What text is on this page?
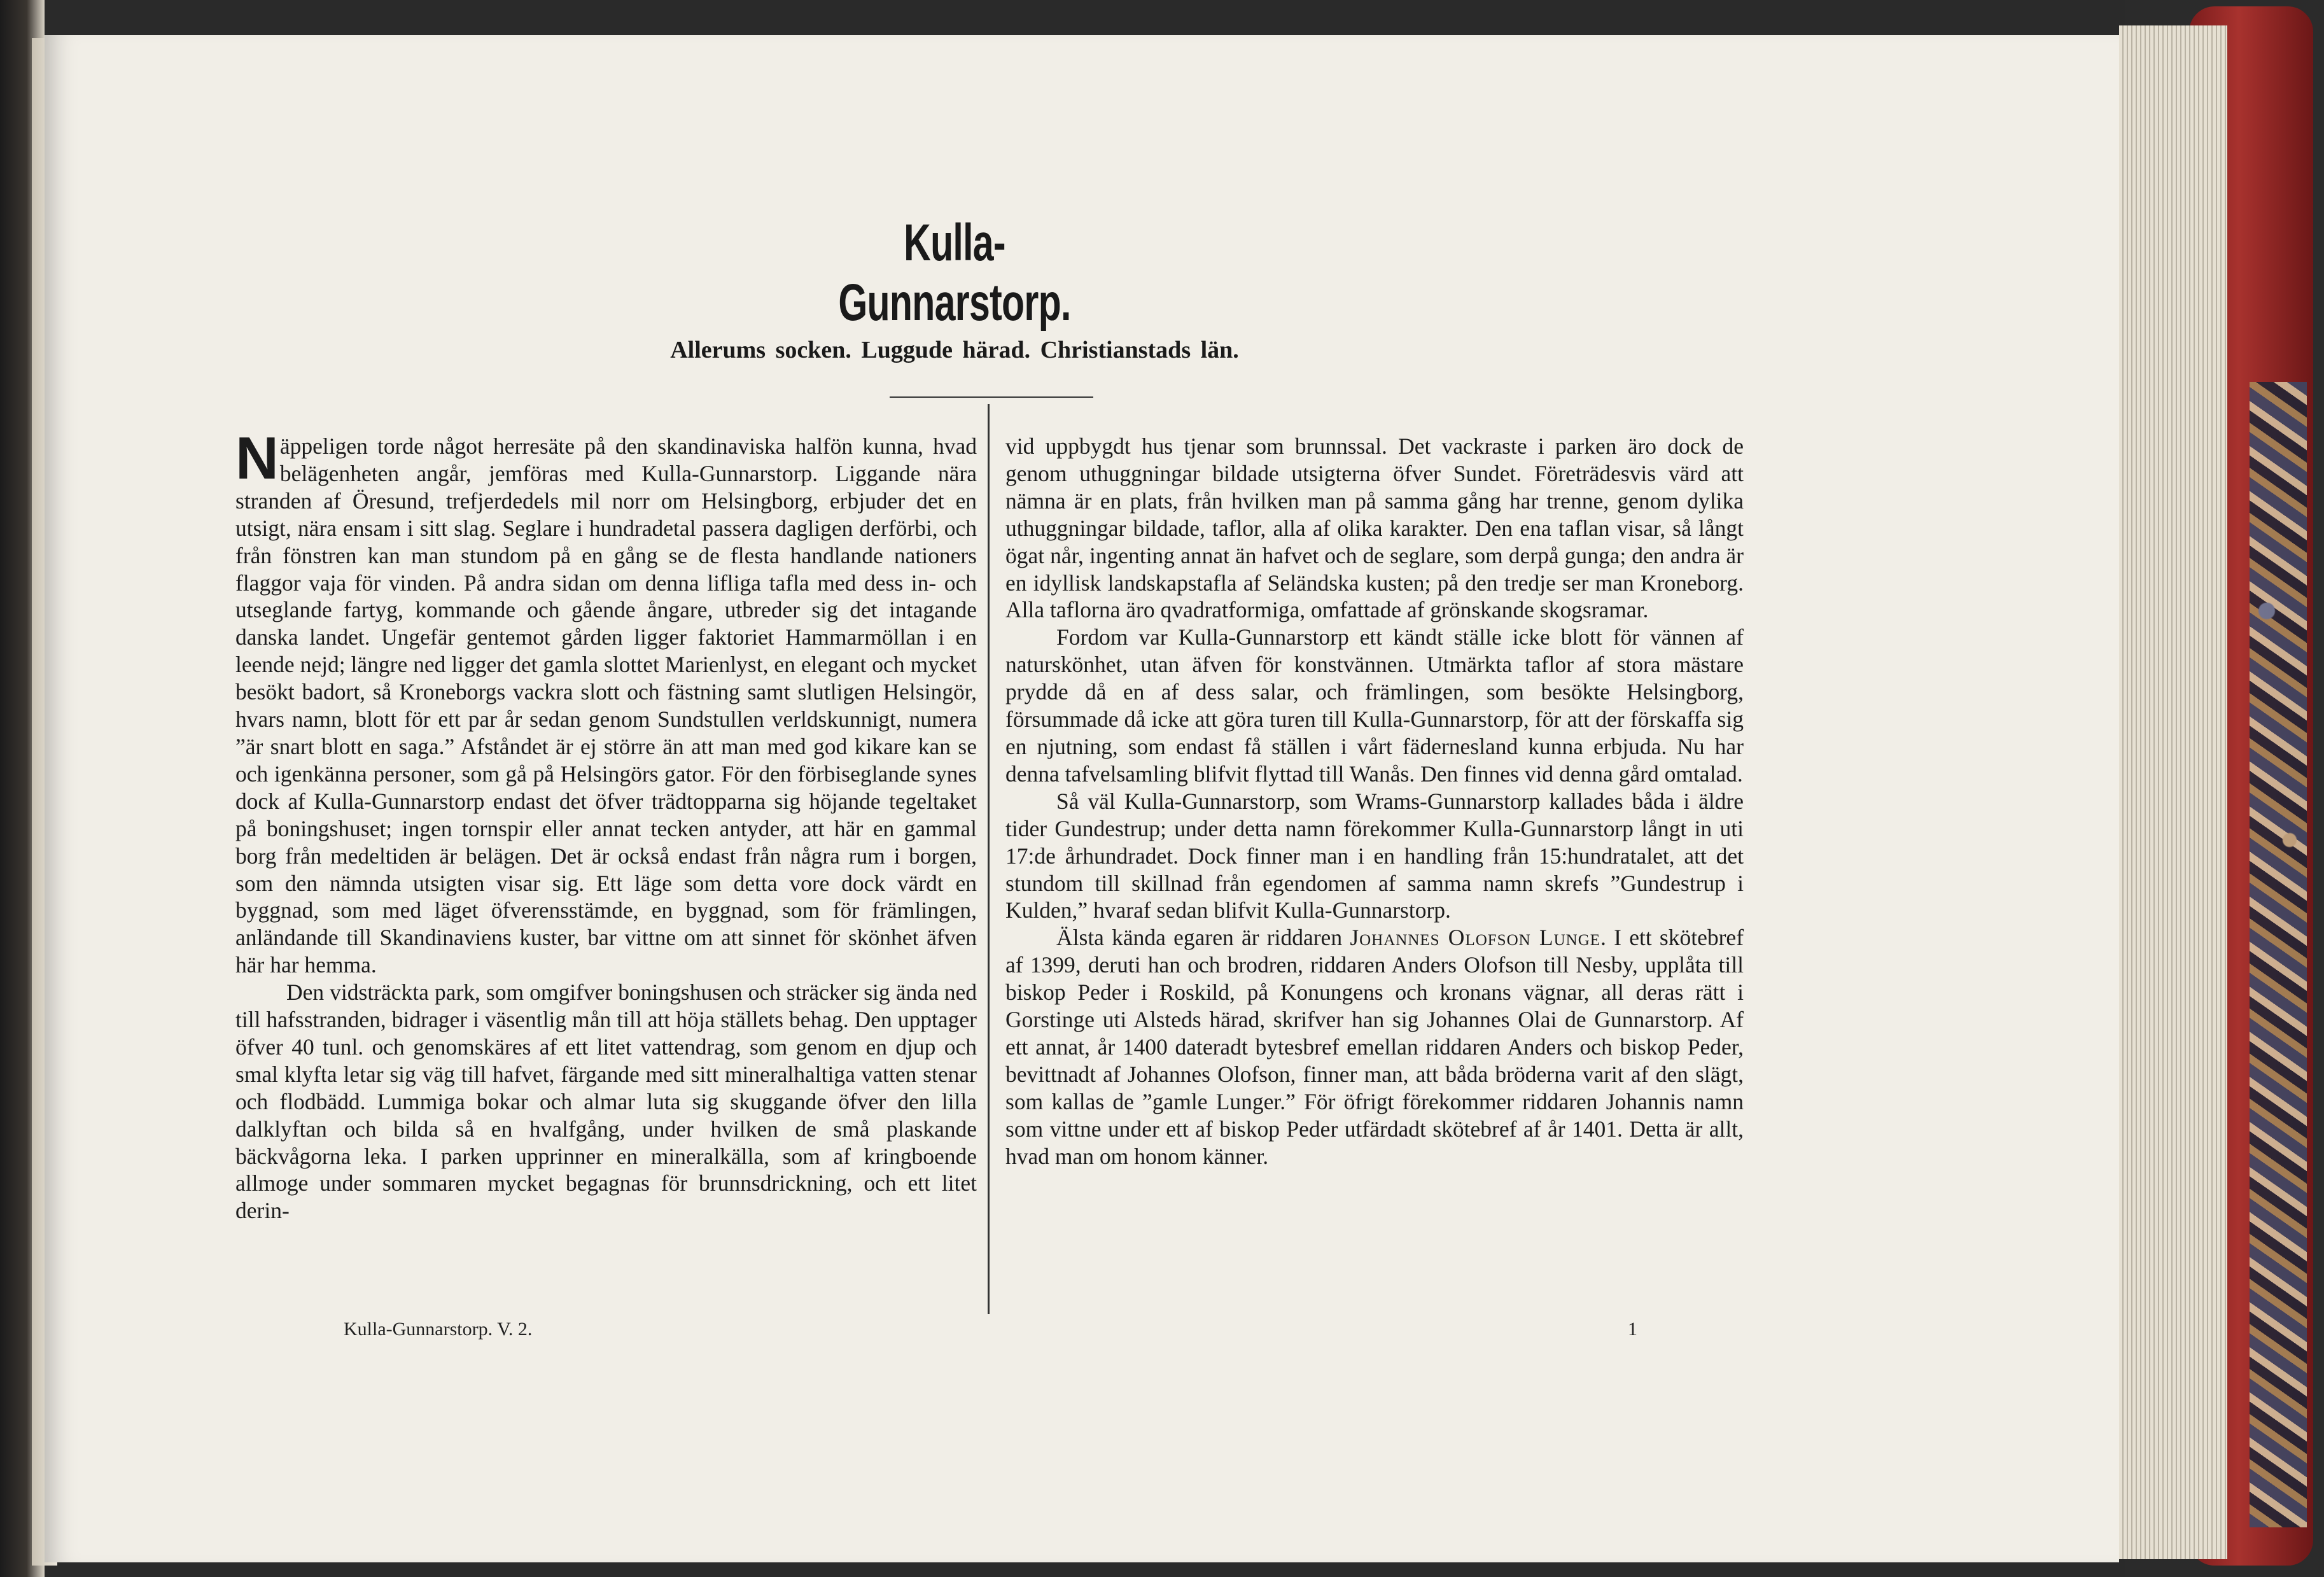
Kulla-Gunnarstorp.
Allerums socken. Luggude härad. Christianstads län.

Näppeligen torde något herresäte på den skandinaviska halfön kunna, hvad belägenheten angår, jemföras med Kulla-Gunnarstorp. Liggande nära stranden af Öresund, trefjerdedels mil norr om Helsingborg, erbjuder det en utsigt, nära ensam i sitt slag. Seglare i hundradetal passera dagligen derförbi, och från fönstren kan man stundom på en gång se de flesta handlande nationers flaggor vaja för vinden. På andra sidan om denna lifliga tafla med dess in- och utseglande fartyg, kommande och gående ångare, utbreder sig det intagande danska landet. Ungefär gentemot gården ligger faktoriet Hammarmöllan i en leende nejd; längre ned ligger det gamla slottet Marienlyst, en elegant och mycket besökt badort, så Kroneborgs vackra slott och fästning samt slutligen Helsingör, hvars namn, blott för ett par år sedan genom Sundstullen verldskunnigt, numera ”är snart blott en saga.” Afståndet är ej större än att man med god kikare kan se och igenkänna personer, som gå på Helsingörs gator. För den förbiseglande synes dock af Kulla-Gunnarstorp endast det öfver trädtopparna sig höjande tegeltaket på boningshuset; ingen tornspir eller annat tecken antyder, att här en gammal borg från medeltiden är belägen. Det är också endast från några rum i borgen, som den nämnda utsigten visar sig. Ett läge som detta vore dock värdt en byggnad, som med läget öfverensstämde, en byggnad, som för främlingen, anländande till Skandinaviens kuster, bar vittne om att sinnet för skönhet äfven här har hemma.

Den vidsträckta park, som omgifver boningshusen och sträcker sig ända ned till hafsstranden, bidrager i väsentlig mån till att höja ställets behag. Den upptager öfver 40 tunl. och genomskäres af ett litet vattendrag, som genom en djup och smal klyfta letar sig väg till hafvet, färgande med sitt mineralhaltiga vatten stenar och flodbädd. Lummiga bokar och almar luta sig skuggande öfver den lilla dalklyftan och bilda så en hvalfgång, under hvilken de små plaskande bäckvågorna leka. I parken upprinner en mineralkälla, som af kringboende allmoge under sommaren mycket begagnas för brunnsdrickning, och ett litet derin-

vid uppbygdt hus tjenar som brunnssal. Det vackraste i parken äro dock de genom uthuggningar bildade utsigterna öfver Sundet. Företrädesvis värd att nämna är en plats, från hvilken man på samma gång har trenne, genom dylika uthuggningar bildade, taflor, alla af olika karakter. Den ena taflan visar, så långt ögat når, ingenting annat än hafvet och de seglare, som derpå gunga; den andra är en idyllisk landskapstafla af Seländska kusten; på den tredje ser man Kroneborg. Alla taflorna äro qvadratformiga, omfattade af grönskande skogsramar.

Fordom var Kulla-Gunnarstorp ett kändt ställe icke blott för vännen af naturskönhet, utan äfven för konstvännen. Utmärkta taflor af stora mästare prydde då en af dess salar, och främlingen, som besökte Helsingborg, försummade då icke att göra turen till Kulla-Gunnarstorp, för att der förskaffa sig en njutning, som endast få ställen i vårt fädernesland kunna erbjuda. Nu har denna tafvelsamling blifvit flyttad till Wanås. Den finnes vid denna gård omtalad.

Så väl Kulla-Gunnarstorp, som Wrams-Gunnarstorp kallades båda i äldre tider Gundestrup; under detta namn förekommer Kulla-Gunnarstorp långt in uti 17:de århundradet. Dock finner man i en handling från 15:hundratalet, att det stundom till skillnad från egendomen af samma namn skrefs ”Gundestrup i Kulden,” hvaraf sedan blifvit Kulla-Gunnarstorp.

Älsta kända egaren är riddaren Johannes Olofson Lunge. I ett skötebref af 1399, deruti han och brodren, riddaren Anders Olofson till Nesby, upplåta till biskop Peder i Roskild, på Konungens och kronans vägnar, all deras rätt i Gorstinge uti Alsteds härad, skrifver han sig Johannes Olai de Gunnarstorp. Af ett annat, år 1400 dateradt bytesbref emellan riddaren Anders och biskop Peder, bevittnadt af Johannes Olofson, finner man, att båda bröderna varit af den slägt, som kallas de ”gamle Lunger.” För öfrigt förekommer riddaren Johannis namn som vittne under ett af biskop Peder utfärdadt skötebref af år 1401. Detta är allt, hvad man om honom känner.

Kulla-Gunnarstorp. V. 2.	1
